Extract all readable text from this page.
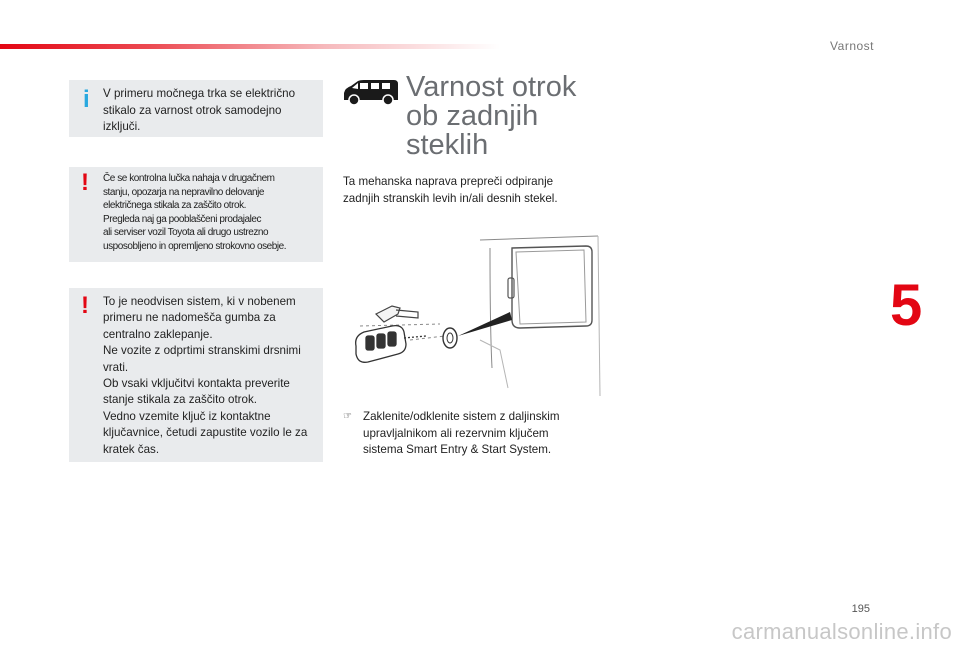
Varnost
5
i V primeru močnega trka se električno
stikalo za varnost otrok samodejno
izključi.
! Če se kontrolna lučka nahaja v drugačnem
stanju, opozarja na nepravilno delovanje
električnega stikala za zaščito otrok.
Pregleda naj ga pooblaščeni prodajalec
ali serviser vozil Toyota ali drugo ustrezno
usposobljeno in opremljeno strokovno osebje.
! To je neodvisen sistem, ki v nobenem
primeru ne nadomešča gumba za
centralno zaklepanje.
Ne vozite z odprtimi stranskimi drsnimi
vrati.
Ob vsaki vključitvi kontakta preverite
stanje stikala za zaščito otrok.
Vedno vzemite ključ iz kontaktne
ključavnice, četudi zapustite vozilo le za
kratek čas.
Varnost otrok
ob zadnjih
steklih
Ta mehanska naprava prepreči odpiranje
zadnjih stranskih levih in/ali desnih stekel.
☞ Zaklenite/odklenite sistem z daljinskim
upravljalnikom ali rezervnim ključem
sistema Smart Entry & Start System.
195
carmanualsonline.info
